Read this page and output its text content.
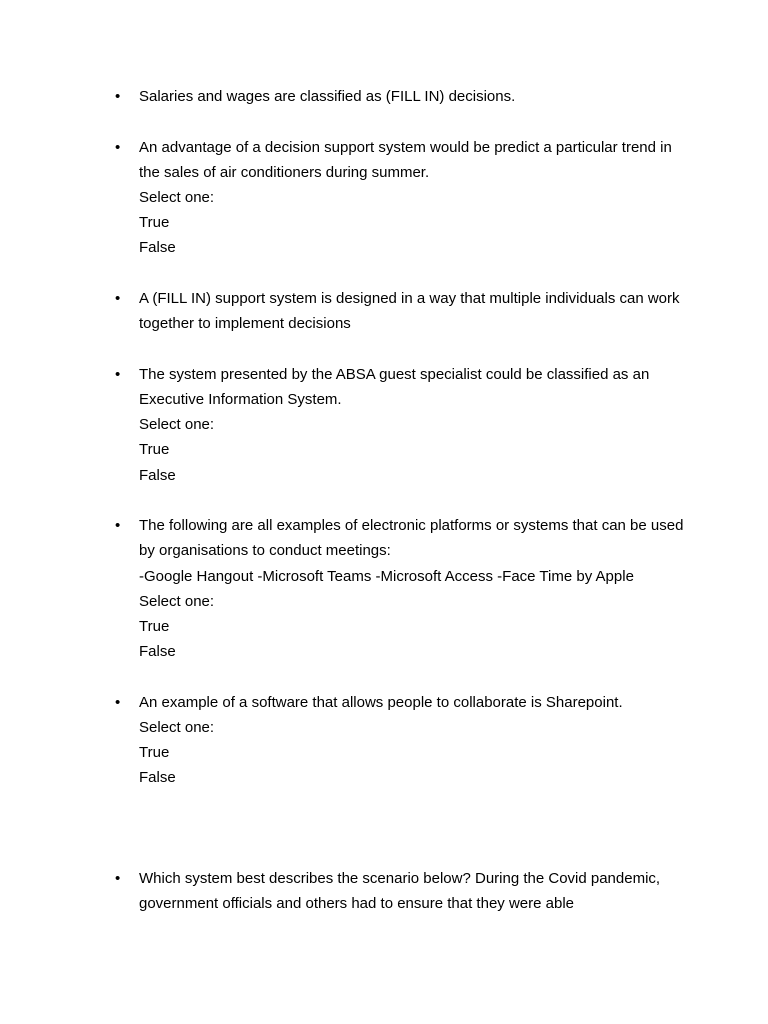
• Salaries and wages are classified as (FILL IN) decisions.
• An advantage of a decision support system would be predict a particular trend in the sales of air conditioners during summer.
Select one:
True
False
• A (FILL IN) support system is designed in a way that multiple individuals can work together to implement decisions
• The system presented by the ABSA guest specialist could be classified as an Executive Information System.
Select one:
True
False
• The following are all examples of electronic platforms or systems that can be used by organisations to conduct meetings:
-Google Hangout -Microsoft Teams -Microsoft Access -Face Time by Apple
Select one:
True
False
• An example of a software that allows people to collaborate is Sharepoint.
Select one:
True
False
• Which system best describes the scenario below? During the Covid pandemic, government officials and others had to ensure that they were able
